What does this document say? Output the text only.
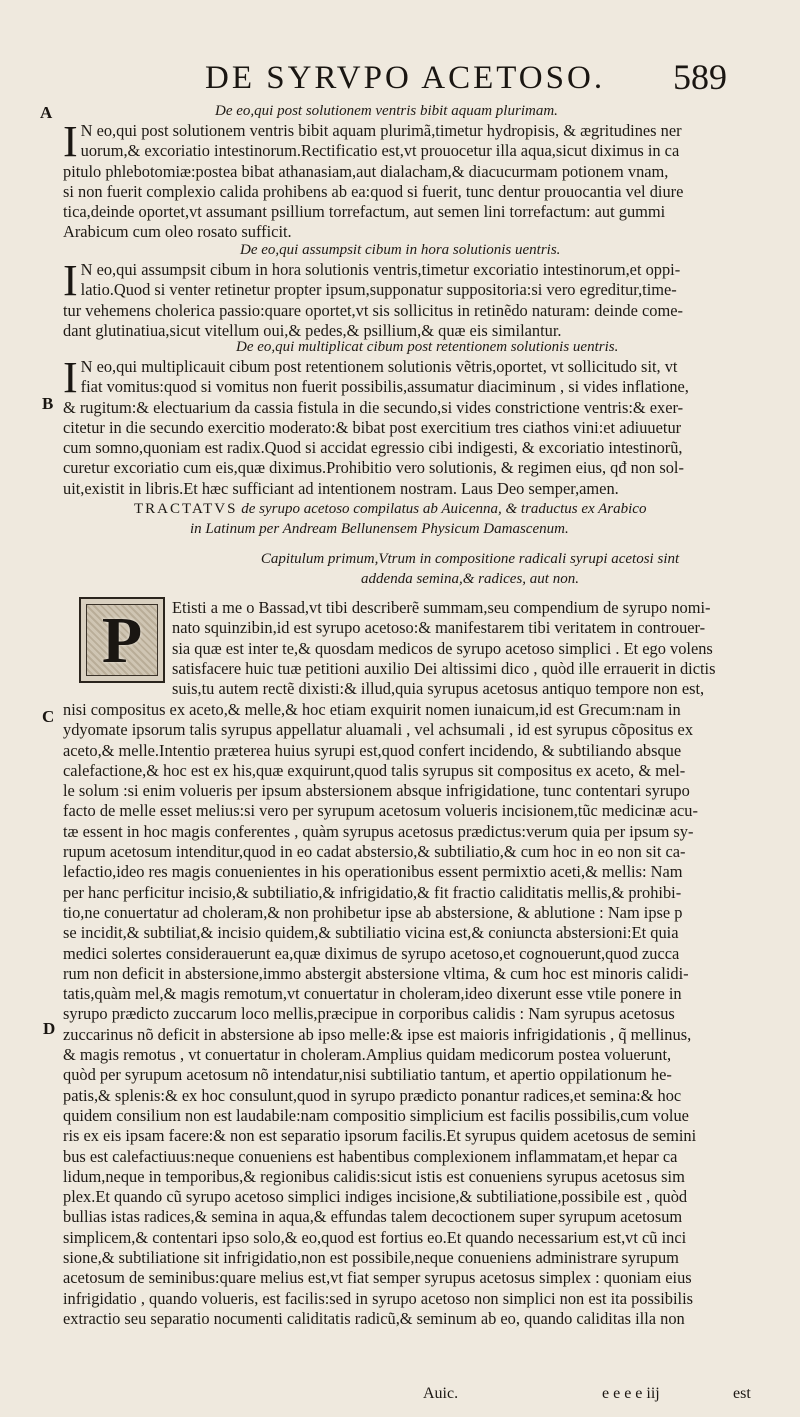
DE SYRVPO ACETOSO. 589
A
B
C
D
De eo,qui post solutionem ventris bibit aquam plurimam.
I N eo,qui post solutionem ventris bibit aquam plurimã,timetur hydropisis, & ægritudines ner
uorum,& excoriatio intestinorum.Rectificatio est,vt prouocetur illa aqua,sicut diximus in ca
pitulo phlebotomiæ:postea bibat athanasiam,aut dialacham,& diacucurmam potionem vnam,
si non fuerit complexio calida prohibens ab ea:quod si fuerit, tunc dentur prouocantia vel diure
tica,deinde oportet,vt assumant psillium torrefactum, aut semen lini torrefactum: aut gummi
Arabicum cum oleo rosato sufficit.
De eo,qui assumpsit cibum in hora solutionis uentris.
I N eo,qui assumpsit cibum in hora solutionis ventris,timetur excoriatio intestinorum,et oppi-
latio.Quod si venter retinetur propter ipsum,supponatur suppositoria:si vero egreditur,time-
tur vehemens cholerica passio:quare oportet,vt sis sollicitus in retinẽdo naturam: deinde come-
dant glutinatiua,sicut vitellum oui,& pedes,& psillium,& quæ eis similantur.
De eo,qui multiplicat cibum post retentionem solutionis uentris.
I N eo,qui multiplicauit cibum post retentionem solutionis vẽtris,oportet, vt sollicitudo sit, vt
fiat vomitus:quod si vomitus non fuerit possibilis,assumatur diaciminum , si vides inflatione,
& rugitum:& electuarium da cassia fistula in die secundo,si vides constrictione ventris:& exer-
citetur in die secundo exercitio moderato:& bibat post exercitium tres ciathos vini:et adiuuetur
cum somno,quoniam est radix.Quod si accidat egressio cibi indigesti, & excoriatio intestinorũ,
curetur excoriatio cum eis,quæ diximus.Prohibitio vero solutionis, & regimen eius, qđ non sol-
uit,existit in libris.Et hæc sufficiant ad intentionem nostram. Laus Deo semper,amen.
TRACTATVS de syrupo acetoso compilatus ab Auicenna, & traductus ex Arabico
in Latinum per Andream Bellunensem Physicum Damascenum.
Capitulum primum,Vtrum in compositione radicali syrupi acetosi sint
addenda semina,& radices, aut non.
P	Etisti a me o Bassad,vt tibi describerẽ summam,seu compendium de syrupo nomi-
nato squinzibin,id est syrupo acetoso:& manifestarem tibi veritatem in controuer-
sia quæ est inter te,& quosdam medicos de syrupo acetoso simplici . Et ego volens
satisfacere huic tuæ petitioni auxilio Dei altissimi dico , quòd ille errauerit in dictis
suis,tu autem rectẽ dixisti:& illud,quia syrupus acetosus antiquo tempore non est,
nisi compositus ex aceto,& melle,& hoc etiam exquirit nomen iunaicum,id est Grecum:nam in
ydyomate ipsorum talis syrupus appellatur aluamali , vel achsumali , id est syrupus cõpositus ex
aceto,& melle.Intentio præterea huius syrupi est,quod confert incidendo, & subtiliando absque
calefactione,& hoc est ex his,quæ exquirunt,quod talis syrupus sit compositus ex aceto, & mel-
le solum :si enim volueris per ipsum abstersionem absque infrigidatione, tunc contentari syrupo
facto de melle esset melius:si vero per syrupum acetosum volueris incisionem,tũc medicinæ acu-
tæ essent in hoc magis conferentes , quàm syrupus acetosus prædictus:verum quia per ipsum sy-
rupum acetosum intenditur,quod in eo cadat abstersio,& subtiliatio,& cum hoc in eo non sit ca-
lefactio,ideo res magis conuenientes in his operationibus essent permixtio aceti,& mellis: Nam
per hanc perficitur incisio,& subtiliatio,& infrigidatio,& fit fractio caliditatis mellis,& prohibi-
tio,ne conuertatur ad choleram,& non prohibetur ipse ab abstersione, & ablutione : Nam ipse p
se incidit,& subtiliat,& incisio quidem,& subtiliatio vicina est,& coniuncta abstersioni:Et quia
medici solertes considerauerunt ea,quæ diximus de syrupo acetoso,et cognouerunt,quod zucca
rum non deficit in abstersione,immo abstergit abstersione vltima, & cum hoc est minoris calidi-
tatis,quàm mel,& magis remotum,vt conuertatur in choleram,ideo dixerunt esse vtile ponere in
syrupo prædicto zuccarum loco mellis,præcipue in corporibus calidis : Nam syrupus acetosus
zuccarinus nõ deficit in abstersione ab ipso melle:& ipse est maioris infrigidationis , q̃ mellinus,
& magis remotus , vt conuertatur in choleram.Amplius quidam medicorum postea voluerunt,
quòd per syrupum acetosum nõ intendatur,nisi subtiliatio tantum, et apertio oppilationum he-
patis,& splenis:& ex hoc consulunt,quod in syrupo prædicto ponantur radices,et semina:& hoc
quidem consilium non est laudabile:nam compositio simplicium est facilis possibilis,cum volue
ris ex eis ipsam facere:& non est separatio ipsorum facilis.Et syrupus quidem acetosus de semini
bus est calefactiuus:neque conueniens est habentibus complexionem inflammatam,et hepar ca
lidum,neque in temporibus,& regionibus calidis:sicut istis est conueniens syrupus acetosus sim
plex.Et quando cũ syrupo acetoso simplici indiges incisione,& subtiliatione,possibile est , quòd
bullias istas radices,& semina in aqua,& effundas talem decoctionem super syrupum acetosum
simplicem,& contentari ipso solo,& eo,quod est fortius eo.Et quando necessarium est,vt cũ inci
sione,& subtiliatione sit infrigidatio,non est possibile,neque conueniens administrare syrupum
acetosum de seminibus:quare melius est,vt fiat semper syrupus acetosus simplex : quoniam eius
infrigidatio , quando volueris, est facilis:sed in syrupo acetoso non simplici non est ita possibilis
extractio seu separatio nocumenti caliditatis radicũ,& seminum ab eo, quando caliditas illa non
Auic.	e e e e iij	est
